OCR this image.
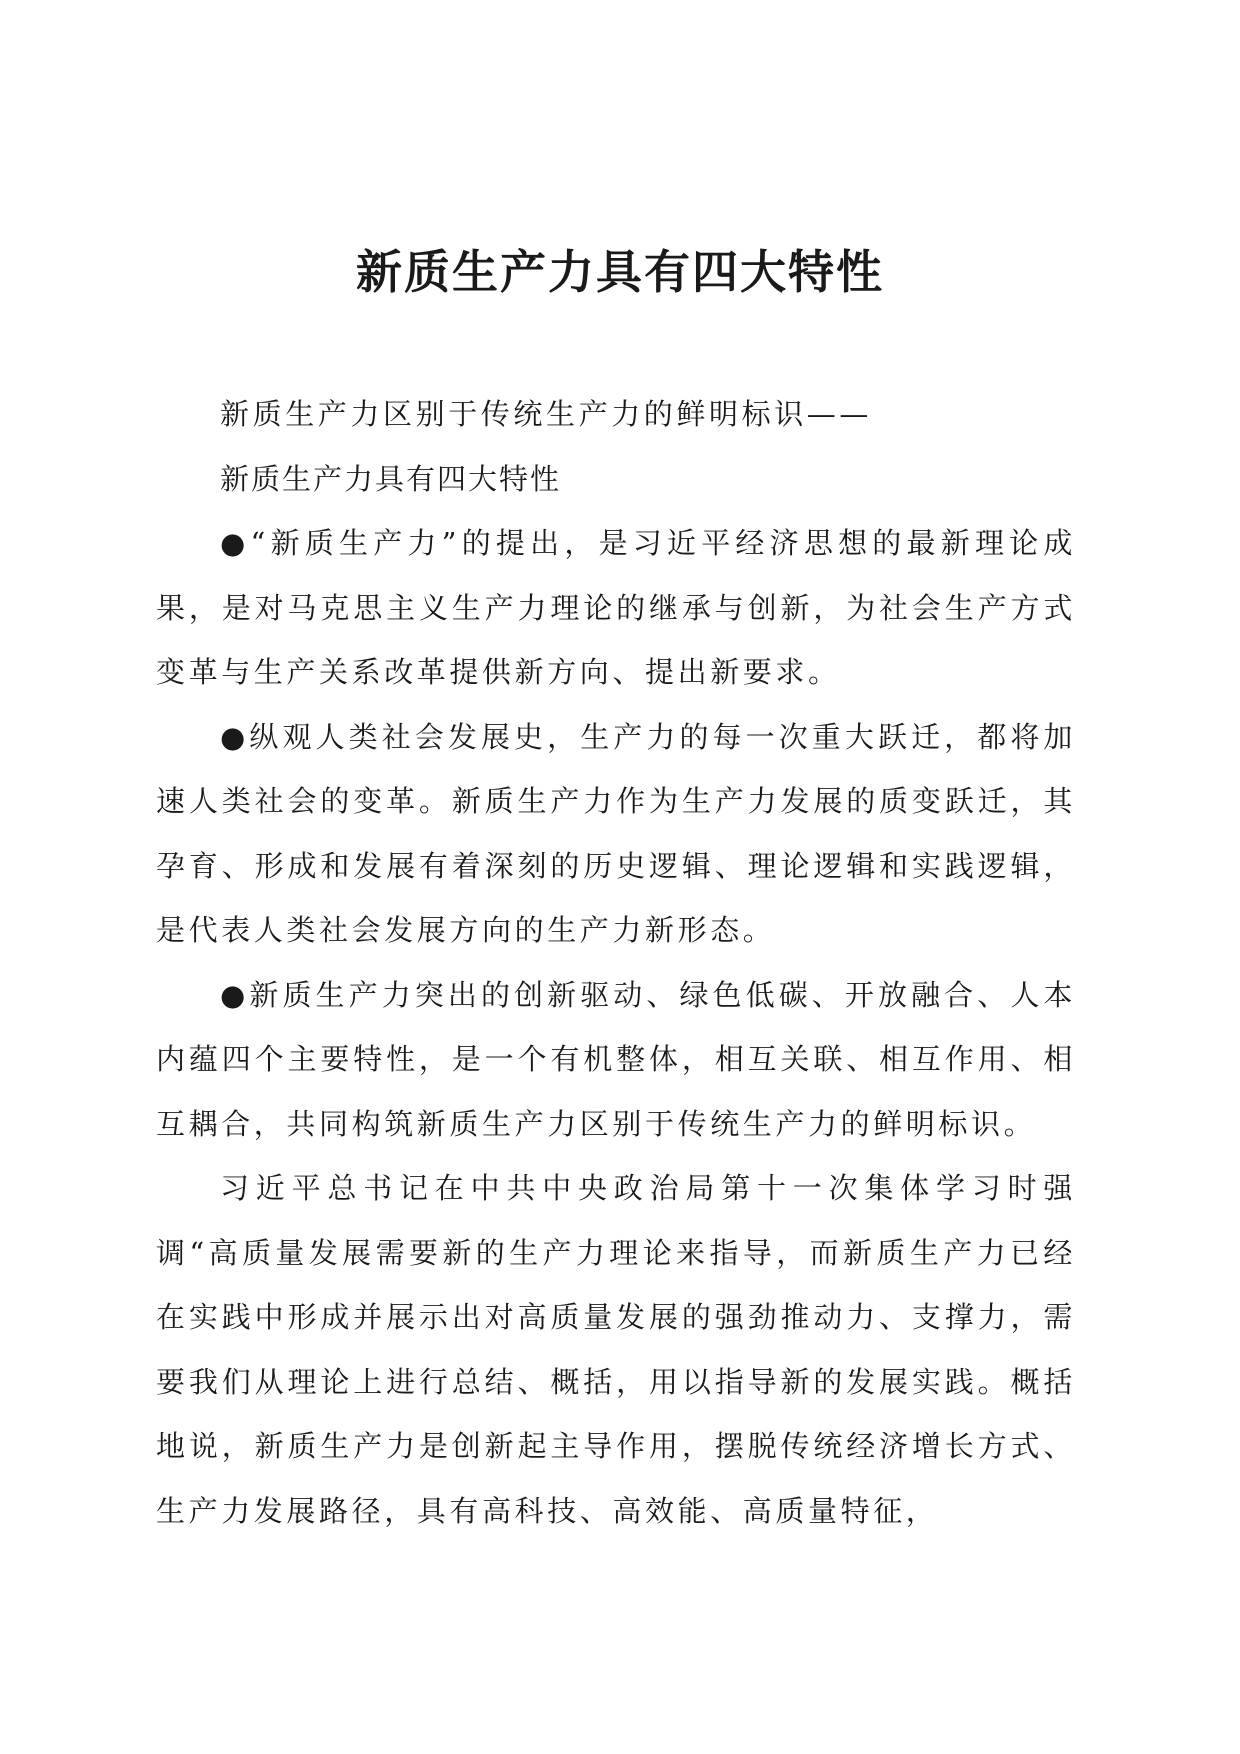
新质生产力具有四大特性

新质生产力区别于传统生产力的鲜明标识——

新质生产力具有四大特性

●“新质生产力”的提出，是习近平经济思想的最新理论成果，是对马克思主义生产力理论的继承与创新，为社会生产方式变革与生产关系改革提供新方向、提出新要求。

●纵观人类社会发展史，生产力的每一次重大跃迁，都将加速人类社会的变革。新质生产力作为生产力发展的质变跃迁，其孕育、形成和发展有着深刻的历史逻辑、理论逻辑和实践逻辑，是代表人类社会发展方向的生产力新形态。

●新质生产力突出的创新驱动、绿色低碳、开放融合、人本内蕴四个主要特性，是一个有机整体，相互关联、相互作用、相互耦合，共同构筑新质生产力区别于传统生产力的鲜明标识。

习近平总书记在中共中央政治局第十一次集体学习时强调“高质量发展需要新的生产力理论来指导，而新质生产力已经在实践中形成并展示出对高质量发展的强劲推动力、支撑力，需要我们从理论上进行总结、概括，用以指导新的发展实践。概括地说，新质生产力是创新起主导作用，摆脱传统经济增长方式、生产力发展路径，具有高科技、高效能、高质量特征，
